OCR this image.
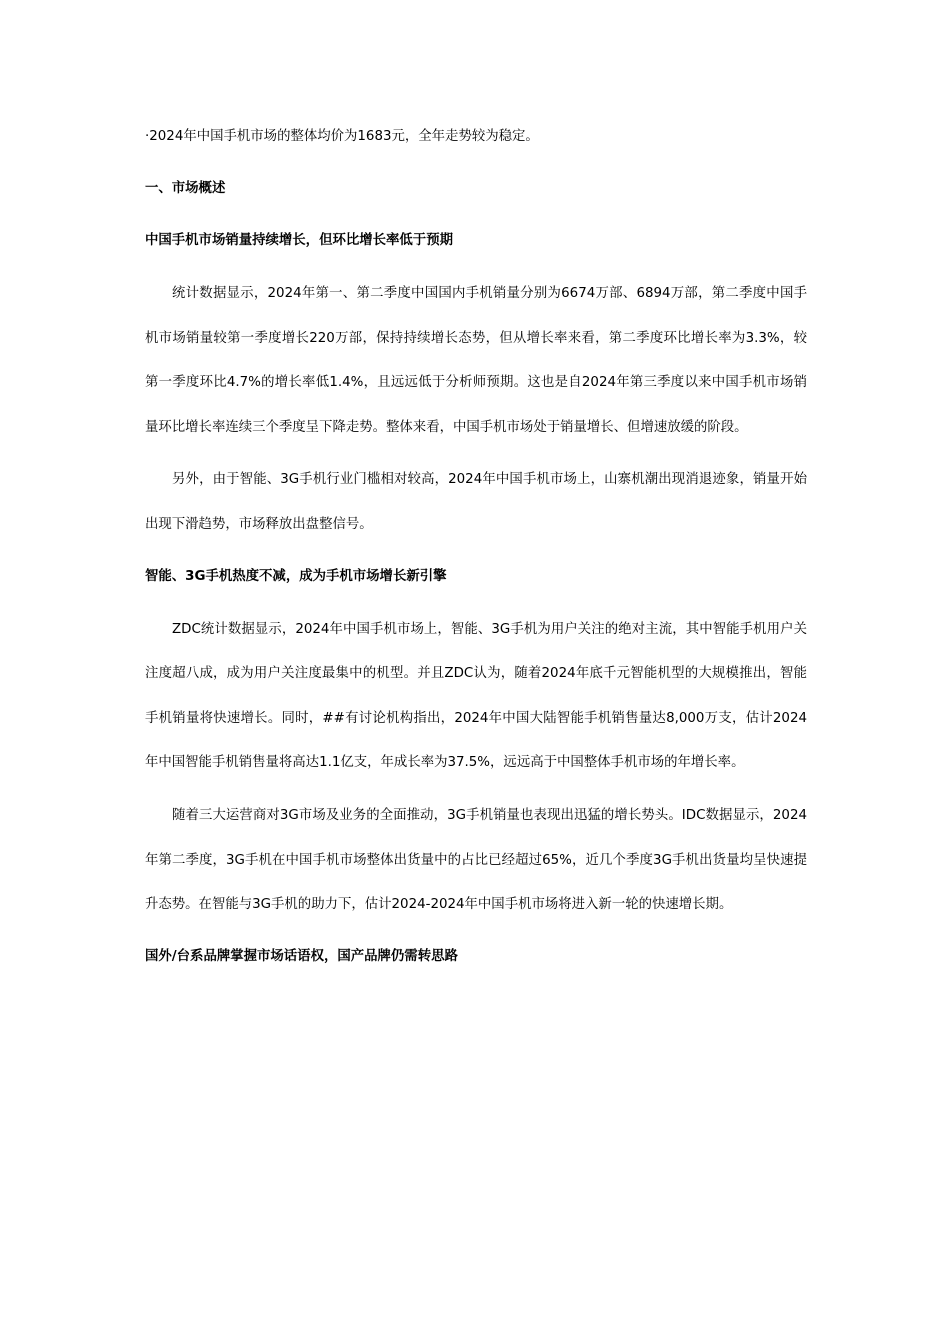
·2024年中国手机市场的整体均价为1683元，全年走势较为稳定。

一、市场概述

中国手机市场销量持续增长，但环比增长率低于预期

统计数据显示，2024年第一、第二季度中国国内手机销量分别为6674万部、6894万部，第二季度中国手机市场销量较第一季度增长220万部，保持持续增长态势，但从增长率来看，第二季度环比增长率为3.3%，较第一季度环比4.7%的增长率低1.4%，且远远低于分析师预期。这也是自2024年第三季度以来中国手机市场销量环比增长率连续三个季度呈下降走势。整体来看，中国手机市场处于销量增长、但增速放缓的阶段。

另外，由于智能、3G手机行业门槛相对较高，2024年中国手机市场上，山寨机潮出现消退迹象，销量开始出现下滑趋势，市场释放出盘整信号。

智能、3G手机热度不减，成为手机市场增长新引擎

ZDC统计数据显示，2024年中国手机市场上，智能、3G手机为用户关注的绝对主流，其中智能手机用户关注度超八成，成为用户关注度最集中的机型。并且ZDC认为，随着2024年底千元智能机型的大规模推出，智能手机销量将快速增长。同时，##有讨论机构指出，2024年中国大陆智能手机销售量达8,000万支，估计2024年中国智能手机销售量将高达1.1亿支，年成长率为37.5%，远远高于中国整体手机市场的年增长率。

随着三大运营商对3G市场及业务的全面推动，3G手机销量也表现出迅猛的增长势头。IDC数据显示，2024年第二季度，3G手机在中国手机市场整体出货量中的占比已经超过65%，近几个季度3G手机出货量均呈快速提升态势。在智能与3G手机的助力下，估计2024-2024年中国手机市场将进入新一轮的快速增长期。

国外/台系品牌掌握市场话语权，国产品牌仍需转思路
